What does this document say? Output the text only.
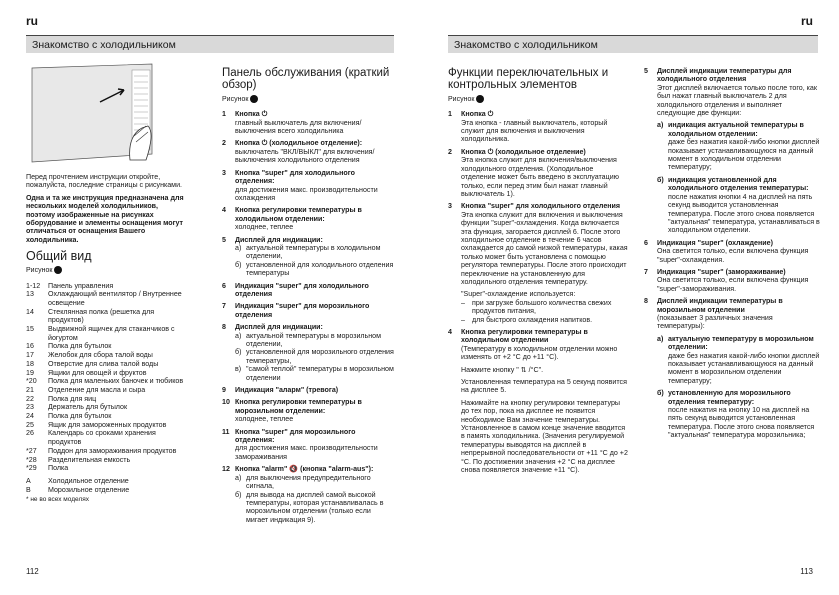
ru
Знакомство с холодильником
Перед прочтением инструкции откройте, пожалуйста, последние страницы с рисунками.
Одна и та же инструкция предназначена для нескольких моделей холодильников, поэтому изображенные на рисунках оборудование и элементы оснащения могут отличаться от оснащения Вашего холодильника.
Общий вид
Рисунок
1-12	Панель управления
13	Охлаждающий вентилятор / Внутреннее освещение
14	Стеклянная полка (решетка для продуктов)
15	Выдвижной ящичек для стаканчиков с йогуртом
16	Полка для бутылок
17	Желобок для сбора талой воды
18	Отверстие для слива талой воды
19	Ящики для овощей и фруктов
*20	Полка для маленьких баночек и тюбиков
21	Отделение для масла и сыра
22	Полка для яиц
23	Держатель для бутылок
24	Полка для бутылок
25	Ящик для замороженных продуктов
26	Календарь со сроками хранения продуктов
*27	Поддон для замораживания продуктов
*28	Разделительная емкость
*29	Полка
A	Холодильное отделение
B	Морозильное отделение
* не во всех моделях
Панель обслуживания (краткий обзор)
Рисунок
1	Кнопка ⏻
главный выключатель для включения/выключения всего холодильника
2	Кнопка ⏻ (холодильное отделение):
выключатель "ВКЛ/ВЫКЛ" для включения/выключения холодильного отделения
3	Кнопка "super" для холодильного отделения:
для достижения макс. производительности охлаждения
4	Кнопка регулировки температуры в холодильном отделении:
холоднее, теплее
5	Дисплей для индикации:
a) актуальной температуры в холодильном отделении,
б) установленной для холодильного отделения температуры
6	Индикация "super" для холодильного отделения
7	Индикация "super" для морозильного отделения
8	Дисплей для индикации:
a) актуальной температуры в морозильном отделении,
б) установленной для морозильного отделения температуры,
в) "самой теплой" температуры в морозильном отделении
9	Индикация "аларм" (тревога)
10 Кнопка регулировки температуры в морозильном отделении:
холоднее, теплее
11 Кнопка "super" для морозильного отделения:
для достижения макс. производительности замораживания
12 Кнопка "alarm" 🔇 (кнопка "alarm-aus"):
а) для выключения предупредительного сигнала,
б) для вывода на дисплей самой высокой температуры, которая устанавливалась в морозильном отделении (только если мигает индикация 9).
112
ru
Знакомство с холодильником
Функции переключательных и контрольных элементов
Рисунок
1	Кнопка ⏻
Эта кнопка - главный выключатель, который служит для включения и выключения холодильника.
2	Кнопка ⏻ (холодильное отделение)
Эта кнопка служит для включения/выключения холодильного отделения. (Холодильное отделение может быть введено в эксплуатацию только, если перед этим был нажат главный выключатель 1).
3	Кнопка "super" для холодильного отделения
Эта кнопка служит для включения и выключения функции "super"-охлаждения. Когда включается эта функция, загорается дисплей 6. После этого холодильное отделение в течение 6 часов охлаждается до самой низкой температуры, какая только может быть установлена с помощью регулятора температуры. После этого происходит переключение на установленную для холодильного отделения температуру.
"Super"-охлаждение используется:
– при загрузке большого количества свежих продуктов питания,
– для быстрого охлаждения напитков.
4	Кнопка регулировки температуры в холодильном отделении
(Температуру в холодильном отделении можно изменять от +2 °C до +11 °C).
Нажмите кнопку " ⇅ /°C".
Установленная температура на 5 секунд появится на дисплее 5.
Нажимайте на кнопку регулировки температуры до тех пор, пока на дисплее не появится необходимое Вам значение температуры. Установленное в самом конце значение вводится в память холодильника. (Значения регулируемой температуры выводятся на дисплей в непрерывной последовательности от +11 °C до +2 °C. По достижении значения +2 °C на дисплее снова появляется значение +11 °C).
5	Дисплей индикации температуры для холодильного отделения
Этот дисплей включается только после того, как был нажат главный выключатель 2 для холодильного отделения и выполняет следующие две функции:
a) индикация актуальной температуры в холодильном отделении:
даже без нажатия какой-либо кнопки дисплей показывает устанавливающуюся на данный момент в холодильном отделении температуру;
б) индикация установленной для холодильного отделения температуры:
после нажатия кнопки 4 на дисплей на пять секунд выводится установленная температура. После этого снова появляется "актуальная" температура, устанавливаться в холодильном отделении.
6	Индикация "super" (охлаждение)
Она светится только, если включена функция "super"-охлаждения.
7	Индикация "super" (замораживание)
Она светится только, если включена функция "super"-замораживания.
8	Дисплей индикации температуры в морозильном отделении
(показывает 3 различных значения температуры):
a) актуальную температуру в морозильном отделении:
даже без нажатия какой-либо кнопки дисплей показывает устанавливающуюся на данный момент в морозильном отделении температуру;
б) установленную для морозильного отделения температуру:
после нажатия на кнопку 10 на дисплей на пять секунд выводится установленная температура. После этого снова появляется "актуальная" температура морозильника;
113
